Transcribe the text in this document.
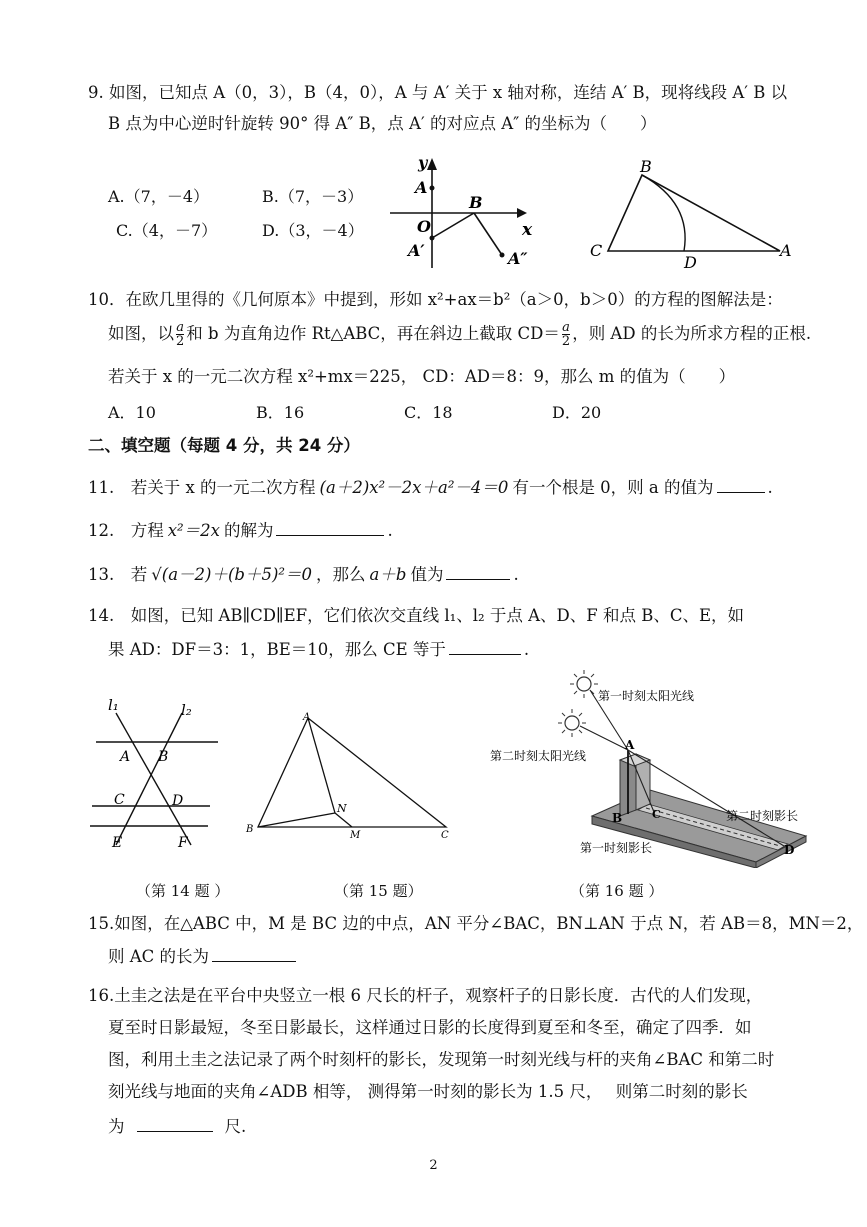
9. 如图，已知点 A（0，3），B（4，0），A 与 A′ 关于 x 轴对称，连结 A′ B，现将线段 A′ B 以
B 点为中心逆时针旋转 90° 得 A″ B，点 A′ 的对应点 A″ 的坐标为（　　）
A.（7，－4）	B.（7，－3）
C.（4，－7）	D.（3，－4）
y
x
A
O
B
A′	A″
B
C
D
A
10．在欧几里得的《几何原本》中提到，形如 x²+ax＝b²（a＞0，b＞0）的方程的图解法是：
如图，以 $\frac{a}{2}$ 和 b 为直角边作 Rt△ABC，再在斜边上截取 $CD= \frac{a}{2}$ ，则 AD 的长为所求方程的正根.
若关于 x 的一元二次方程 x²+mx＝225， CD：AD＝8：9，那么 m 的值为（　　）
A．10	B．16	C．18	D．20
二、填空题（每题 4 分，共 24 分）
11.　若关于 x 的一元二次方程 (a＋2)x²－2x＋a²－4＝0 有一个根是 0，则 a 的值为	.
12.　方程 x²＝2x 的解为	.
13.　若 √(a－2)＋(b＋5)²＝0 ，那么 a＋b 值为	.
14.　如图，已知 AB∥CD∥EF，它们依次交直线 l₁、l₂ 于点 A、D、F 和点 B、C、E，如
果 AD：DF＝3：1，BE＝10，那么 CE 等于	.
l₁	l₂
A B
C	D
E	F
A
B
N
M	C
第一时刻太阳光线
第二时刻太阳光线
第二时刻影长
第一时刻影长
A
B	C
D
（第 14 题 ）	（第 15 题）	（第 16 题 ）
15.如图，在△ABC 中，M 是 BC 边的中点，AN 平分∠BAC，BN⊥AN 于点 N，若 AB＝8，MN＝2，
则 AC 的长为
16.土圭之法是在平台中央竖立一根 6 尺长的杆子，观察杆子的日影长度．古代的人们发现，
夏至时日影最短，冬至日影最长，这样通过日影的长度得到夏至和冬至，确定了四季．如
图，利用土圭之法记录了两个时刻杆的影长，发现第一时刻光线与杆的夹角∠BAC 和第二时
刻光线与地面的夹角∠ADB 相等， 测得第一时刻的影长为 1.5 尺，　 则第二时刻的影长
为	尺.
2
